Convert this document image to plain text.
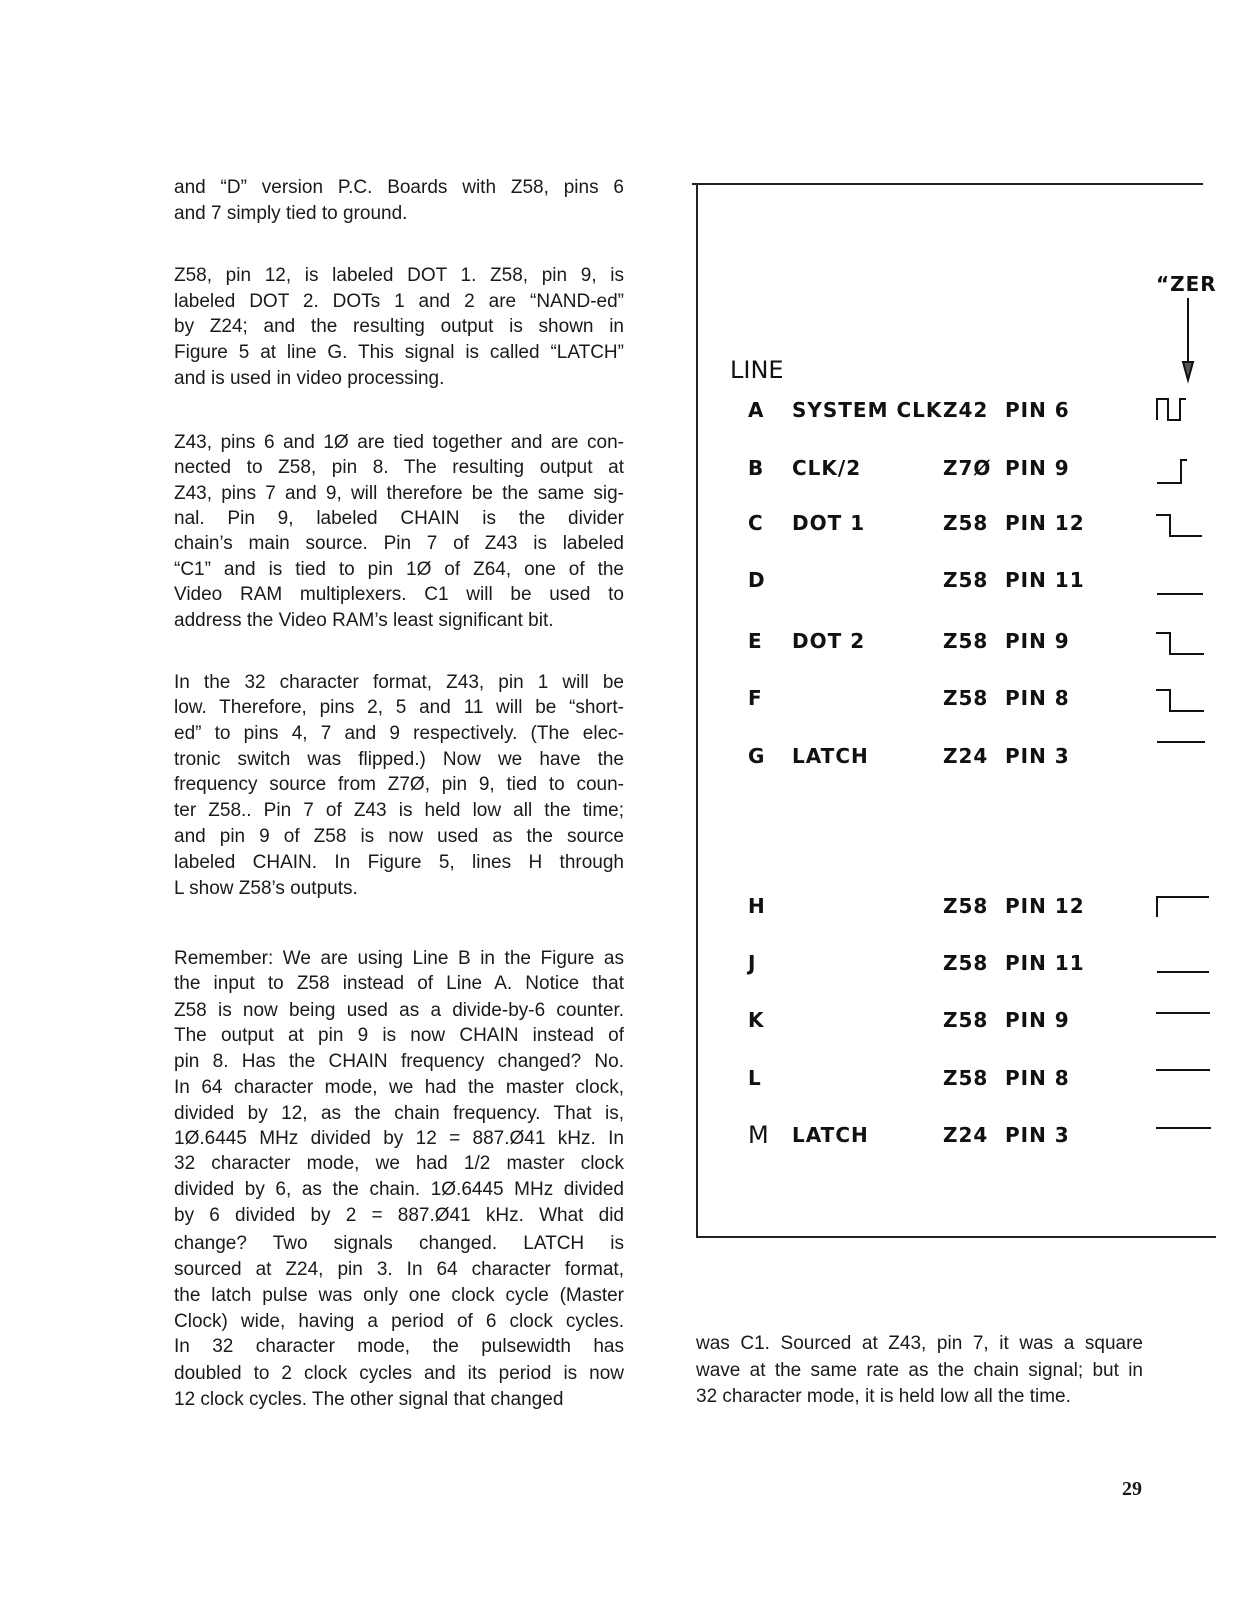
and “D” version P.C. Boards with Z58, pins 6
and 7 simply tied to ground.
Z58, pin 12, is labeled DOT 1. Z58, pin 9, is
labeled DOT 2. DOTs 1 and 2 are “NAND-ed”
by Z24; and the resulting output is shown in
Figure 5 at line G. This signal is called “LATCH”
and is used in video processing.
Z43, pins 6 and 1Ø are tied together and are con-
nected to Z58, pin 8. The resulting output at
Z43, pins 7 and 9, will therefore be the same sig-
nal. Pin 9, labeled CHAIN is the divider
chain’s main source. Pin 7 of Z43 is labeled
“C1” and is tied to pin 1Ø of Z64, one of the
Video RAM multiplexers. C1 will be used to
address the Video RAM’s least significant bit.
In the 32 character format, Z43, pin 1 will be
low. Therefore, pins 2, 5 and 11 will be “short-
ed” to pins 4, 7 and 9 respectively. (The elec-
tronic switch was flipped.) Now we have the
frequency source from Z7Ø, pin 9, tied to coun-
ter Z58.. Pin 7 of Z43 is held low all the time;
and pin 9 of Z58 is now used as the source
labeled CHAIN. In Figure 5, lines H through
L show Z58’s outputs.
Remember: We are using Line B in the Figure as
the input to Z58 instead of Line A. Notice that
Z58 is now being used as a divide-by-6 counter.
The output at pin 9 is now CHAIN instead of
pin 8. Has the CHAIN frequency changed? No.
In 64 character mode, we had the master clock,
divided by 12, as the chain frequency. That is,
1Ø.6445 MHz divided by 12 = 887.Ø41 kHz. In
32 character mode, we had 1/2 master clock
divided by 6, as the chain. 1Ø.6445 MHz divided
by 6 divided by 2 = 887.Ø41 kHz. What did
change? Two signals changed. LATCH is
sourced at Z24, pin 3. In 64 character format,
the latch pulse was only one clock cycle (Master
Clock) wide, having a period of 6 clock cycles.
In 32 character mode, the pulsewidth has
doubled to 2 clock cycles and its period is now
12 clock cycles. The other signal that changed
LINE
“ZER
A SYSTEM CLK Z42 PIN 6
B CLK/2	Z7Ø PIN 9
C DOT 1	Z58 PIN 12
D	Z58 PIN 11
E DOT 2	Z58 PIN 9
F	Z58 PIN 8
G LATCH	Z24 PIN 3
H	Z58 PIN 12
J	Z58 PIN 11
K	Z58 PIN 9
L	Z58 PIN 8
M LATCH	Z24 PIN 3
was C1. Sourced at Z43, pin 7, it was a square
wave at the same rate as the chain signal; but in
32 character mode, it is held low all the time.
29
